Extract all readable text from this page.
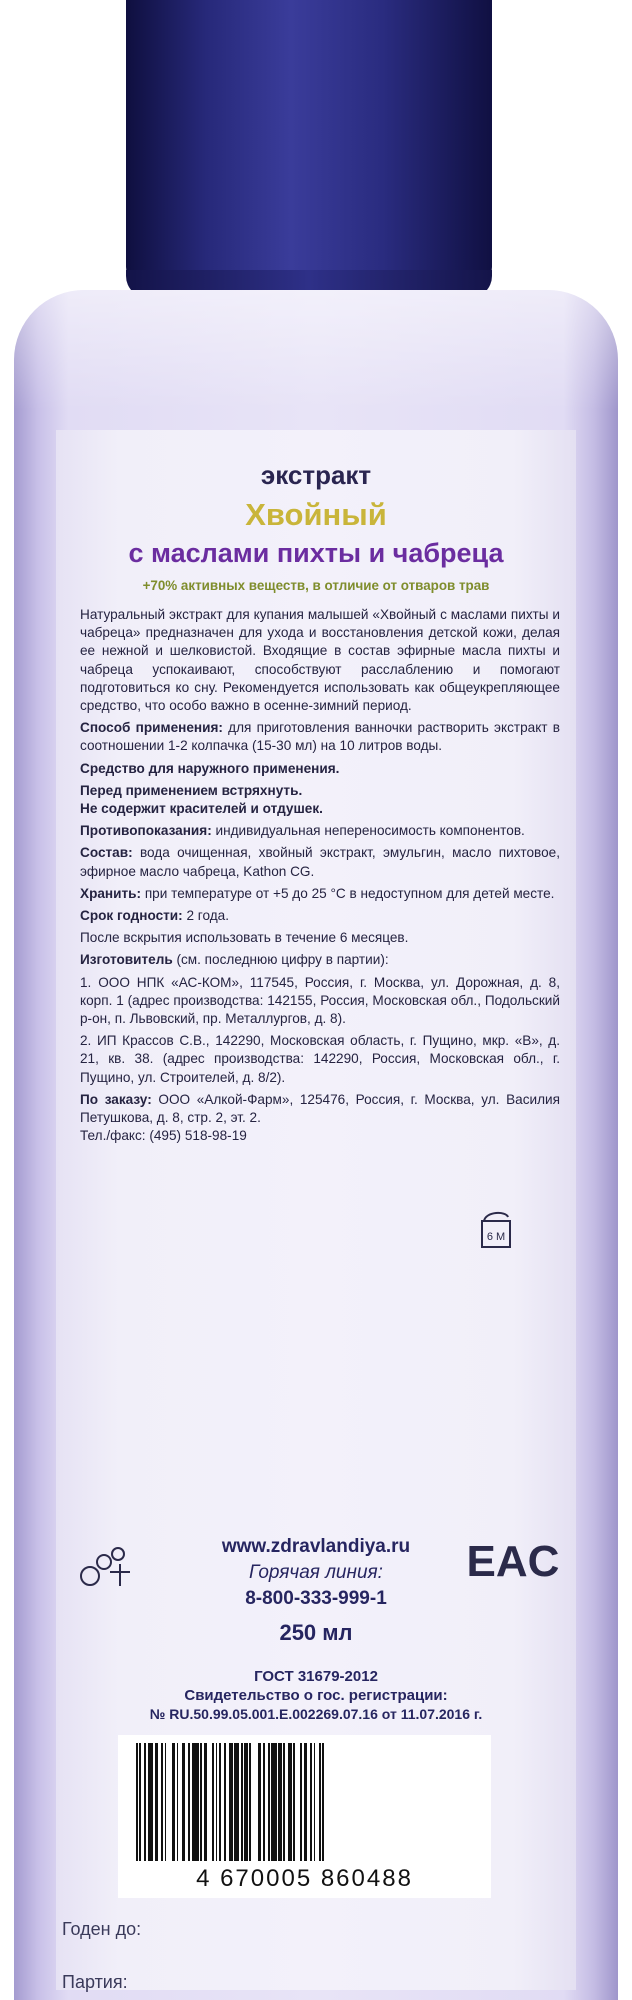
экстракт
Хвойный
с маслами пихты и чабреца
+70% активных веществ, в отличие от отваров трав

Натуральный экстракт для купания малышей «Хвойный с маслами пихты и чабреца» предназначен для ухода и восстановления детской кожи, делая ее нежной и шелковистой. Входящие в состав эфирные масла пихты и чабреца успокаивают, способствуют расслаблению и помогают подготовиться ко сну. Рекомендуется использовать как общеукрепляющее средство, что особо важно в осенне-зимний период.

Способ применения: для приготовления ванночки растворить экстракт в соотношении 1-2 колпачка (15-30 мл) на 10 литров воды.

Средство для наружного применения.

Перед применением встряхнуть.

Не содержит красителей и отдушек.

Противопоказания: индивидуальная непереносимость компонентов.

Состав: вода очищенная, хвойный экстракт, эмульгин, масло пихтовое, эфирное масло чабреца, Kathon CG.

Хранить: при температуре от +5 до 25 °С в недоступном для детей месте.

Срок годности: 2 года.

После вскрытия использовать в течение 6 месяцев.

Изготовитель (см. последнюю цифру в партии):

1. ООО НПК «АС-КОМ», 117545, Россия, г. Москва, ул. Дорожная, д. 8, корп. 1 (адрес производства: 142155, Россия, Московская обл., Подольский р-он, п. Львовский, пр. Металлургов, д. 8).

2. ИП Крассов С.В., 142290, Московская область, г. Пущино, мкр. «В», д. 21, кв. 38. (адрес производства: 142290, Россия, Московская обл., г. Пущино, ул. Строителей, д. 8/2).

По заказу: ООО «Алкой-Фарм», 125476, Россия, г. Москва, ул. Василия Петушкова, д. 8, стр. 2, эт. 2.

Тел./факс: (495) 518-98-19

6 M
www.zdravlandiya.ru
Горячая линия:
8-800-333-999-1
250 мл
EAC
ГОСТ 31679-2012
Свидетельство о гос. регистрации:
№ RU.50.99.05.001.Е.002269.07.16 от 11.07.2016 г.
4 670005 860488
Годен до:
Партия:
